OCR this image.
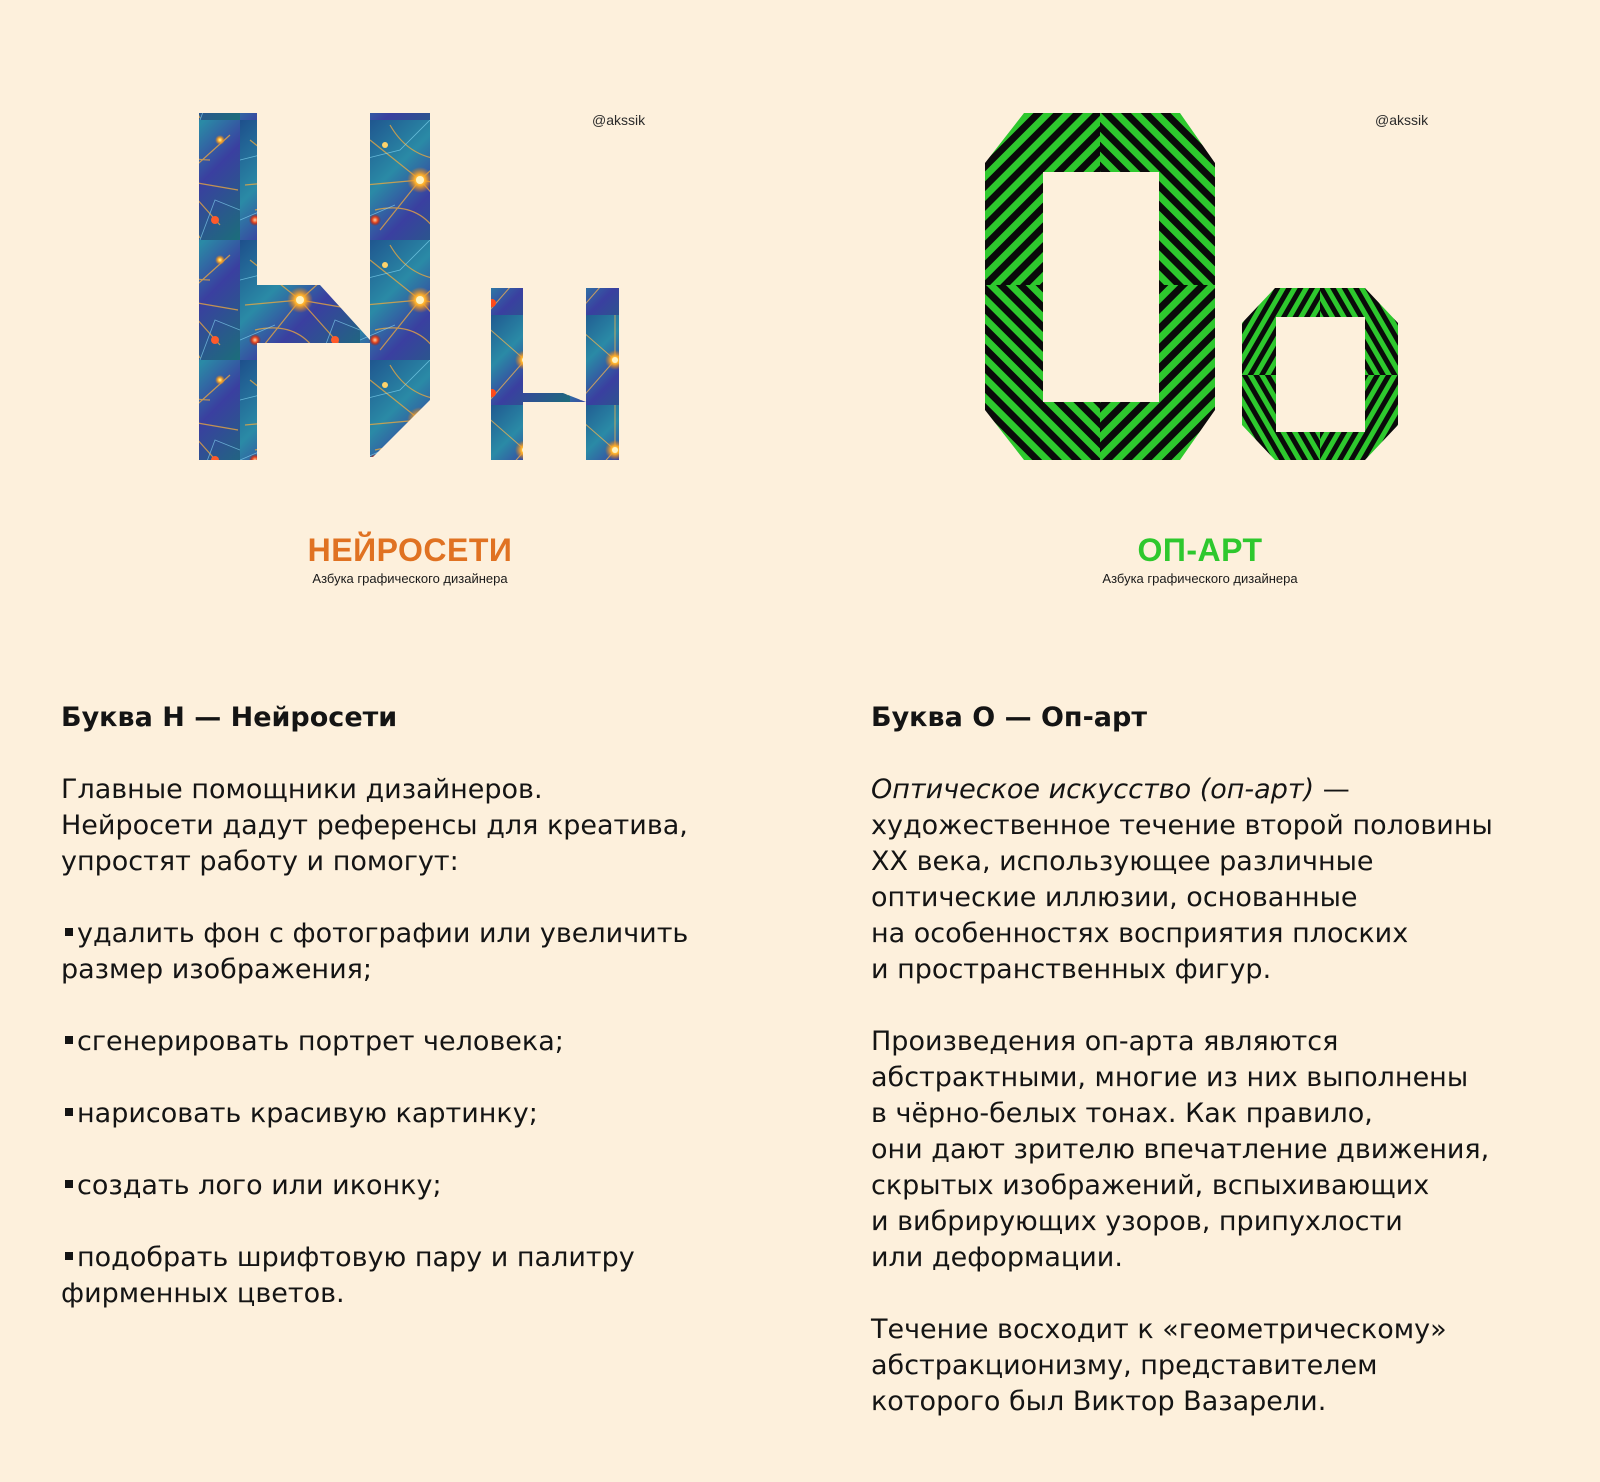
@akssik
НЕЙРОСЕТИ
Азбука графического дизайнера
@akssik
ОП-АРТ
Азбука графического дизайнера
Буква Н — Нейросети
Главные помощники дизайнеров.
Нейросети дадут референсы для креатива,
упростят работу и помогут:
удалить фон с фотографии или увеличить
размер изображения;
сгенерировать портрет человека;
нарисовать красивую картинку;
создать лого или иконку;
подобрать шрифтовую пару и палитру
фирменных цветов.
Буква О — Оп-арт
Оптическое искусство (оп-арт) —
художественное течение второй половины
XX века, использующее различные
оптические иллюзии, основанные
на особенностях восприятия плоских
и пространственных фигур.
Произведения оп-арта являются
абстрактными, многие из них выполнены
в чёрно-белых тонах. Как правило,
они дают зрителю впечатление движения,
скрытых изображений, вспыхивающих
и вибрирующих узоров, припухлости
или деформации.
Течение восходит к «геометрическому»
абстракционизму, представителем
которого был Виктор Вазарели.
